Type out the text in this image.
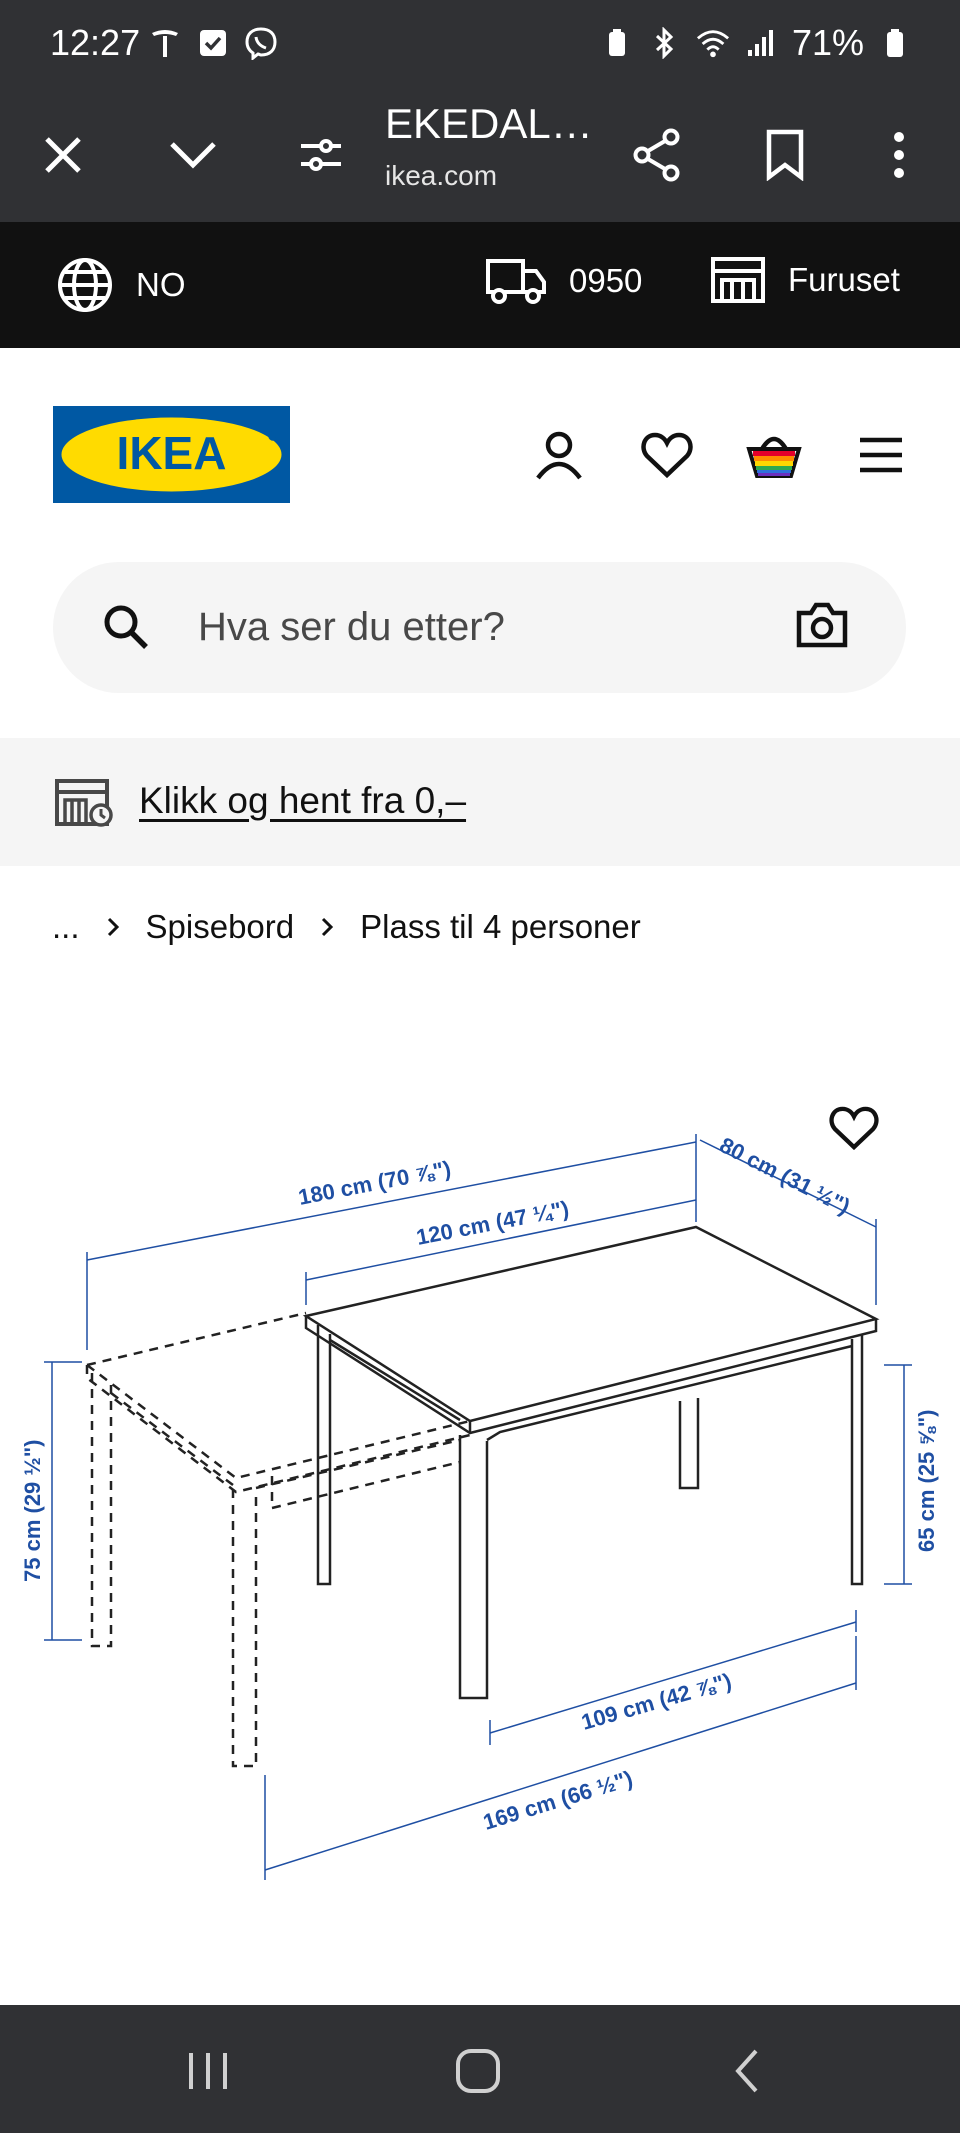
12:27	71%
EKEDAL…
ikea.com
NO	0950	Furuset
IKEA
Hva ser du etter?
Klikk og hent fra 0,–
... Spisebord Plass til 4 personer
180 cm (70 ⅞")
120 cm (47 ¼")
80 cm (31 ½")
75 cm (29 ½")	65 cm (25 ⅝")
109 cm (42 ⅞")
169 cm (66 ½")
